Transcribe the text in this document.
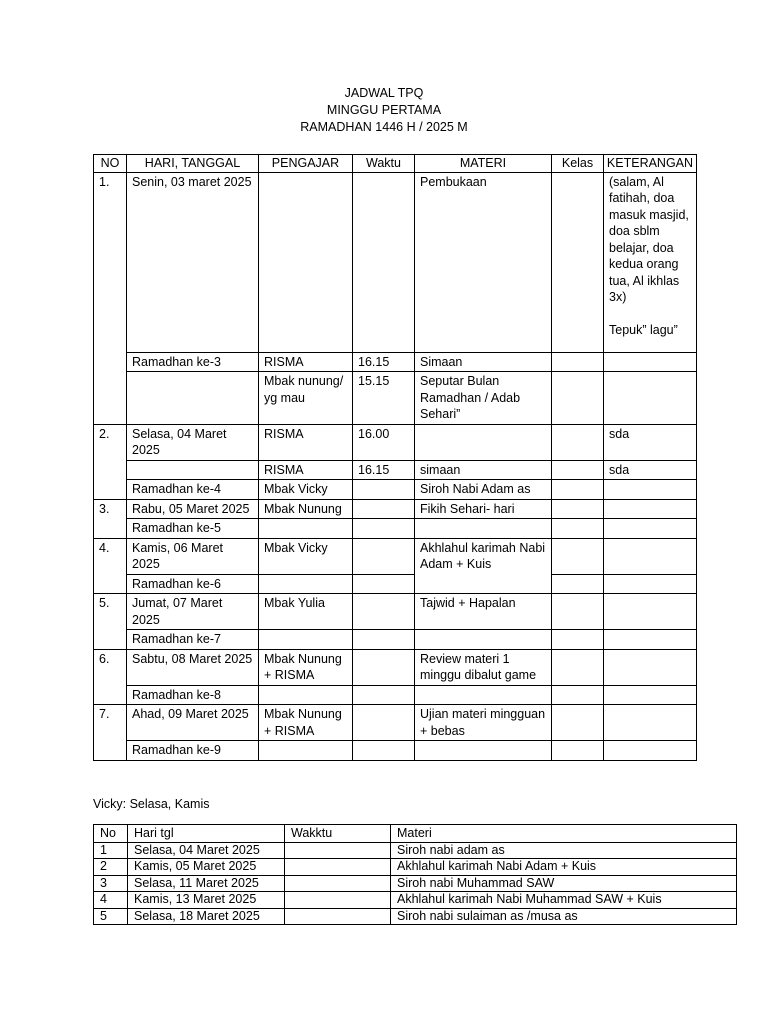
JADWAL TPQ
MINGGU PERTAMA
RAMADHAN 1446 H / 2025 M
NO	HARI, TANGGAL	PENGAJAR	Waktu	MATERI	Kelas	KETERANGAN
1.	Senin, 03 maret 2025			Pembukaan		(salam, Al fatihah, doa masuk masjid, doa sblm belajar, doa kedua orang tua, Al ikhlas 3x)
Tepuk” lagu”

	Ramadhan ke-3	RISMA	16.15	Simaan		
		Mbak nunung/ yg mau	15.15	Seputar Bulan Ramadhan / Adab Sehari”		
2.	Selasa, 04 Maret 2025	RISMA	16.00			sda
		RISMA	16.15	simaan		sda
	Ramadhan ke-4	Mbak Vicky		Siroh Nabi Adam as		
3.	Rabu, 05 Maret 2025	Mbak Nunung		Fikih Sehari- hari		
	Ramadhan ke-5					
4.	Kamis, 06 Maret 2025	Mbak Vicky		Akhlahul karimah Nabi Adam + Kuis		
	Ramadhan ke-6					
5.	Jumat, 07 Maret 2025	Mbak Yulia		Tajwid + Hapalan		
	Ramadhan ke-7					
6.	Sabtu, 08 Maret 2025	Mbak Nunung + RISMA		Review materi 1 minggu dibalut game		
	Ramadhan ke-8					
7.	Ahad, 09 Maret 2025	Mbak Nunung + RISMA		Ujian materi mingguan + bebas		
	Ramadhan ke-9					
Vicky: Selasa, Kamis
No	Hari tgl	Wakktu	Materi
1	Selasa, 04 Maret 2025		Siroh nabi adam as
2	Kamis, 05 Maret 2025		Akhlahul karimah Nabi Adam + Kuis
3	Selasa, 11 Maret 2025		Siroh nabi Muhammad SAW
4	Kamis, 13 Maret 2025		Akhlahul karimah Nabi Muhammad SAW + Kuis
5	Selasa, 18 Maret 2025		Siroh nabi sulaiman as /musa as
